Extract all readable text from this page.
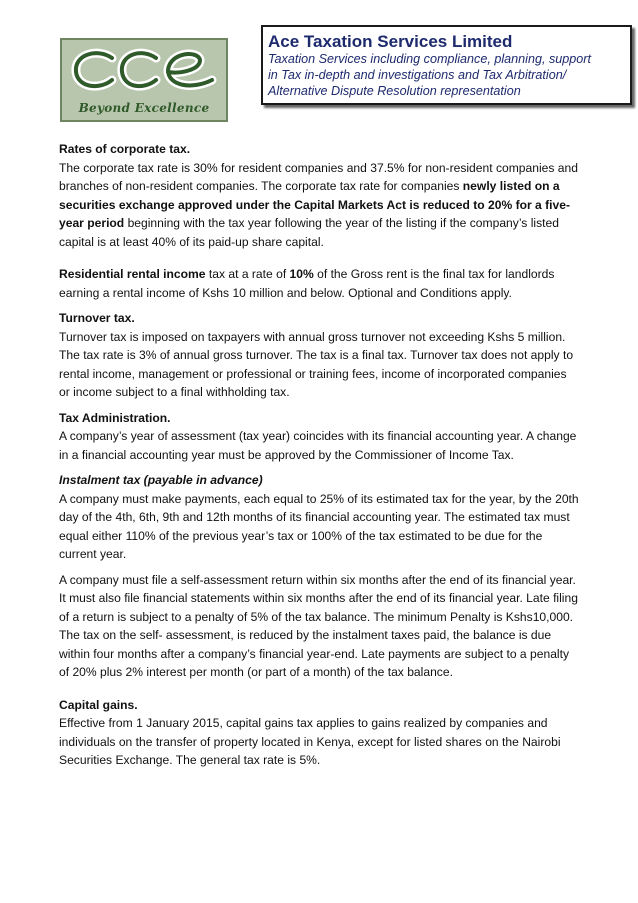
Beyond Excellence
Ace Taxation Services Limited
Taxation Services including compliance, planning, support
in Tax in-depth and investigations and Tax Arbitration/
Alternative Dispute Resolution representation

Rates of corporate tax.

The corporate tax rate is 30% for resident companies and 37.5% for non-resident companies and branches of non-resident companies. The corporate tax rate for companies newly listed on a securities exchange approved under the Capital Markets Act is reduced to 20% for a five-year period beginning with the tax year following the year of the listing if the company’s listed capital is at least 40% of its paid-up share capital.

Residential rental income tax at a rate of 10% of the Gross rent is the final tax for landlords earning a rental income of Kshs 10 million and below. Optional and Conditions apply.

Turnover tax.

Turnover tax is imposed on taxpayers with annual gross turnover not exceeding Kshs 5 million. The tax rate is 3% of annual gross turnover. The tax is a final tax. Turnover tax does not apply to rental income, management or professional or training fees, income of incorporated companies or income subject to a final withholding tax.

Tax Administration.

A company’s year of assessment (tax year) coincides with its financial accounting year. A change in a financial accounting year must be approved by the Commissioner of Income Tax.

Instalment tax (payable in advance)

A company must make payments, each equal to 25% of its estimated tax for the year, by the 20th day of the 4th, 6th, 9th and 12th months of its financial accounting year. The estimated tax must equal either 110% of the previous year’s tax or 100% of the tax estimated to be due for the current year.

A company must file a self-assessment return within six months after the end of its financial year. It must also file financial statements within six months after the end of its financial year. Late filing of a return is subject to a penalty of 5% of the tax balance. The minimum Penalty is Kshs10,000. The tax on the self- assessment, is reduced by the instalment taxes paid, the balance is due within four months after a company’s financial year-end. Late payments are subject to a penalty of 20% plus 2% interest per month (or part of a month) of the tax balance.

Capital gains.

Effective from 1 January 2015, capital gains tax applies to gains realized by companies and individuals on the transfer of property located in Kenya, except for listed shares on the Nairobi Securities Exchange. The general tax rate is 5%.
